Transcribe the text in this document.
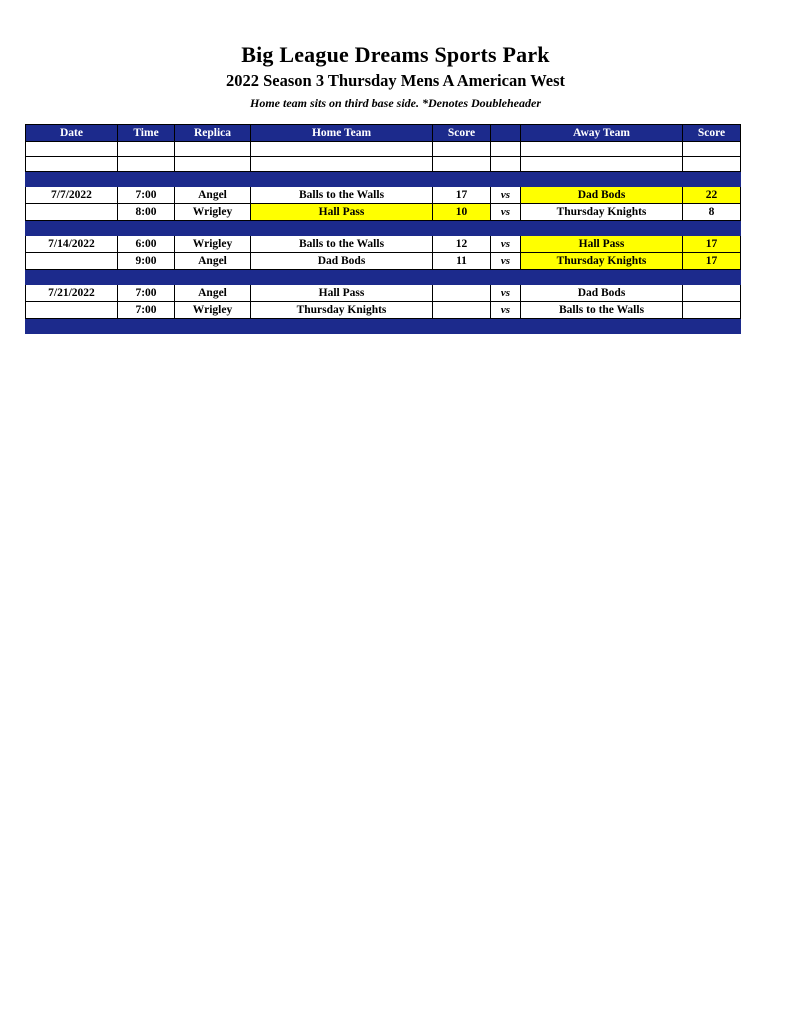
Big League Dreams Sports Park
2022 Season 3 Thursday Mens A American West
Home team sits on third base side. *Denotes Doubleheader
Date	Time	Replica	Home Team	Score		Away Team	Score

7/7/2022	7:00	Angel	Balls to the Walls	17	vs	Dad Bods	22
	8:00	Wrigley	Hall Pass	10	vs	Thursday Knights	8

7/14/2022	6:00	Wrigley	Balls to the Walls	12	vs	Hall Pass	17
	9:00	Angel	Dad Bods	11	vs	Thursday Knights	17

7/21/2022	7:00	Angel	Hall Pass		vs	Dad Bods	
	7:00	Wrigley	Thursday Knights		vs	Balls to the Walls	
